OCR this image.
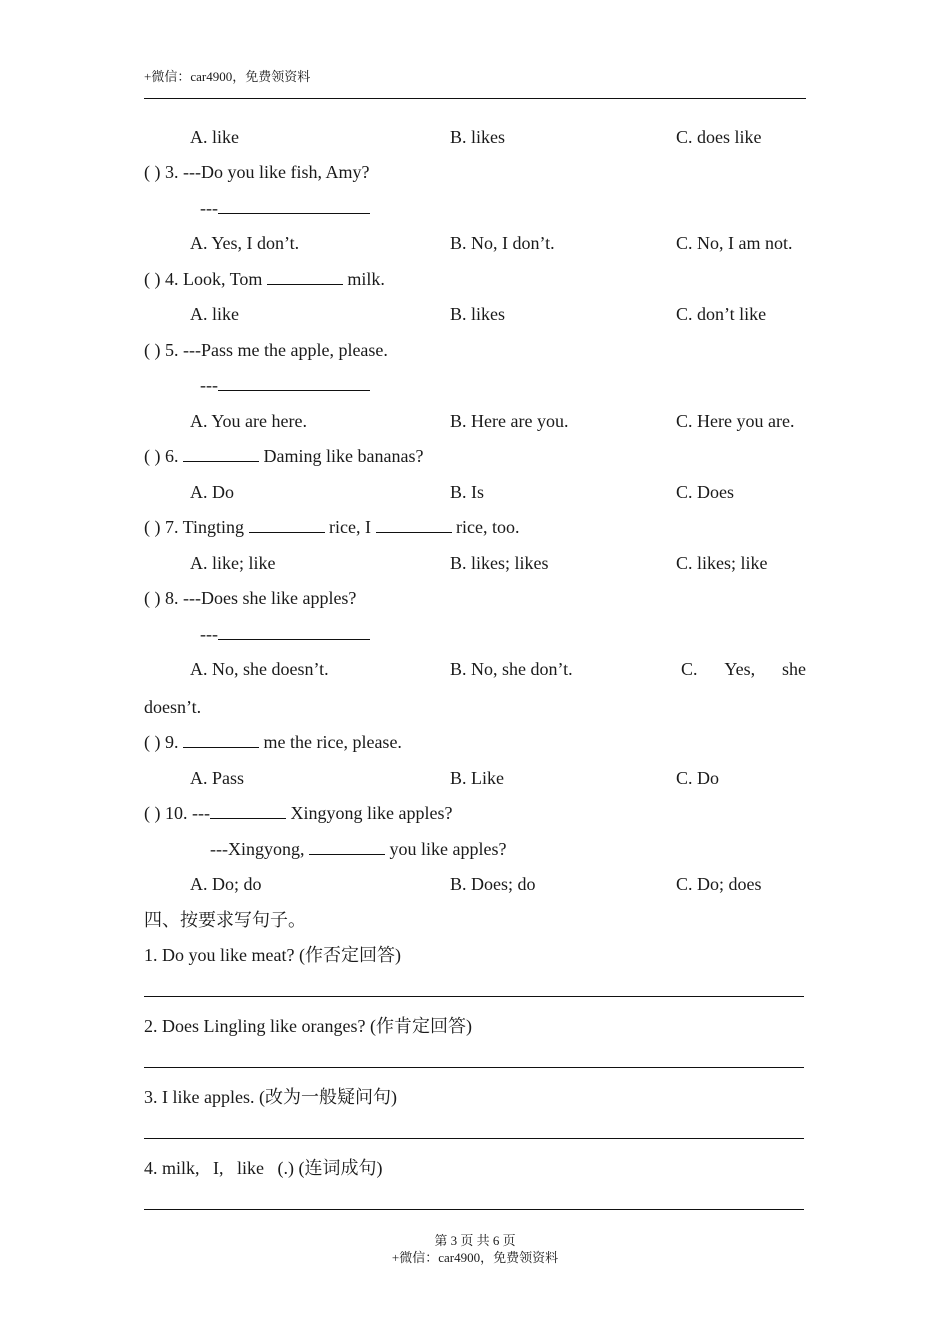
+微信：car4900，免费领资料
A. like	B. likes	C. does like
( ) 3. ---Do you like fish, Amy?
---
A. Yes, I don’t.	B. No, I don’t.	C. No, I am not.
( ) 4. Look, Tom	milk.
A. like	B. likes	C. don’t like
( ) 5. ---Pass me the apple, please.
---
A. You are here.	B. Here are you.	C. Here you are.
( ) 6.	Daming like bananas?
A. Do	B. Is	C. Does
( ) 7. Tingting	rice, I	rice, too.
A. like; like	B. likes; likes	C. likes; like
( ) 8. ---Does she like apples?
---
A. No, she doesn’t.	B. No, she don’t.	C. Yes, she
doesn’t.
( ) 9.	me the rice, please.
A. Pass	B. Like	C. Do
( ) 10. ---	Xingyong like apples?
---Xingyong,	you like apples?
A. Do; do	B. Does; do	C. Do; does
四、按要求写句子。
1. Do you like meat? (作否定回答)
2. Does Lingling like oranges? (作肯定回答)
3. I like apples. (改为一般疑问句)
4. milk,   I,   like   (.) (连词成句)
第 3 页 共 6 页
+微信：car4900，免费领资料
